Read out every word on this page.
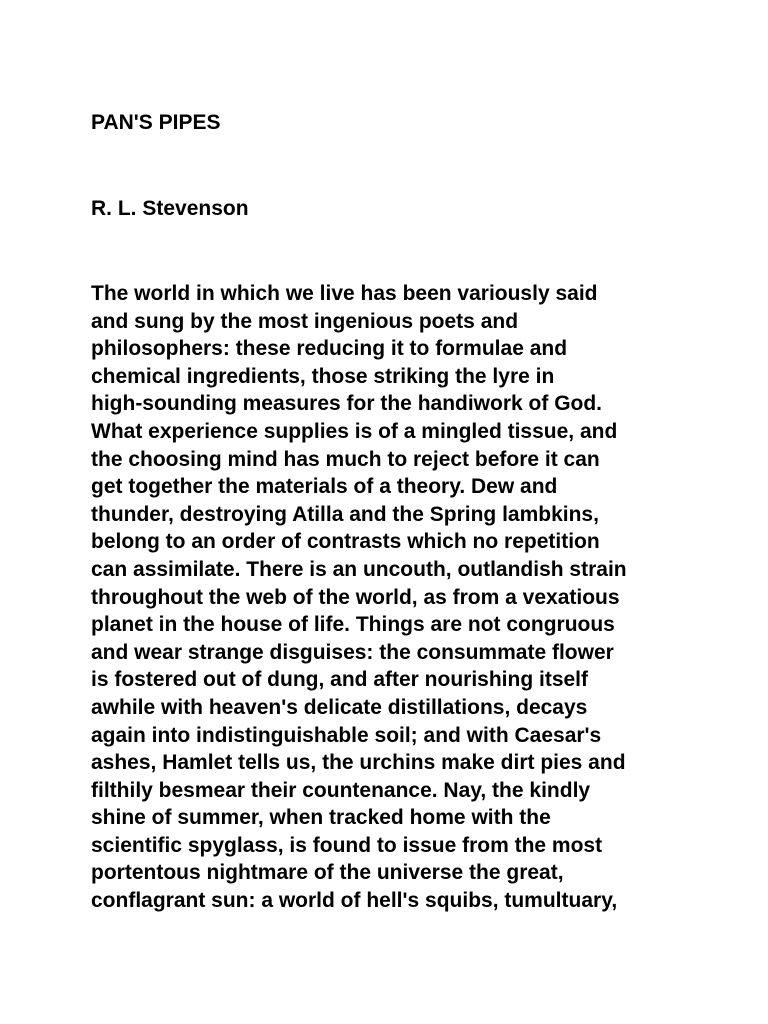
PAN'S PIPES
R. L. Stevenson
The world in which we live has been variously said
and sung by the most ingenious poets and
philosophers: these reducing it to formulae and
chemical ingredients, those striking the lyre in
high-sounding measures for the handiwork of God.
What experience supplies is of a mingled tissue, and
the choosing mind has much to reject before it can
get together the materials of a theory. Dew and
thunder, destroying Atilla and the Spring lambkins,
belong to an order of contrasts which no repetition
can assimilate. There is an uncouth, outlandish strain
throughout the web of the world, as from a vexatious
planet in the house of life. Things are not congruous
and wear strange disguises: the consummate flower
is fostered out of dung, and after nourishing itself
awhile with heaven's delicate distillations, decays
again into indistinguishable soil; and with Caesar's
ashes, Hamlet tells us, the urchins make dirt pies and
filthily besmear their countenance. Nay, the kindly
shine of summer, when tracked home with the
scientific spyglass, is found to issue from the most
portentous nightmare of the universe the great,
conflagrant sun: a world of hell's squibs, tumultuary,
